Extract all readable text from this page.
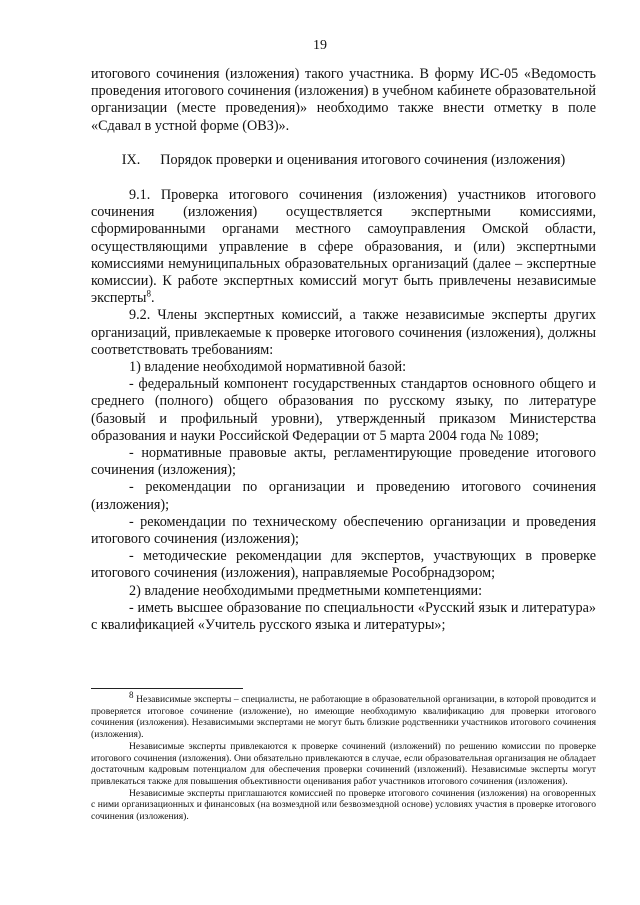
19

итогового сочинения (изложения) такого участника. В форму ИС-05 «Ведомость проведения итогового сочинения (изложения) в учебном кабинете образовательной организации (месте проведения)» необходимо также внести отметку в поле «Сдавал в устной форме (ОВЗ)».

IX. Порядок проверки и оценивания итогового сочинения (изложения)

9.1. Проверка итогового сочинения (изложения) участников итогового сочинения (изложения) осуществляется экспертными комиссиями, сформированными органами местного самоуправления Омской области, осуществляющими управление в сфере образования, и (или) экспертными комиссиями немуниципальных образовательных организаций (далее – экспертные комиссии). К работе экспертных комиссий могут быть привлечены независимые эксперты$^8$.

9.2. Члены экспертных комиссий, а также независимые эксперты других организаций, привлекаемые к проверке итогового сочинения (изложения), должны соответствовать требованиям:

1) владение необходимой нормативной базой:

- федеральный компонент государственных стандартов основного общего и среднего (полного) общего образования по русскому языку, по литературе (базовый и профильный уровни), утвержденный приказом Министерства образования и науки Российской Федерации от 5 марта 2004 года № 1089;

- нормативные правовые акты, регламентирующие проведение итогового сочинения (изложения);

- рекомендации по организации и проведению итогового сочинения (изложения);

- рекомендации по техническому обеспечению организации и проведения итогового сочинения (изложения);

- методические рекомендации для экспертов, участвующих в проверке итогового сочинения (изложения), направляемые Рособрнадзором;

2) владение необходимыми предметными компетенциями:

- иметь высшее образование по специальности «Русский язык и литература» с квалификацией «Учитель русского языка и литературы»;

$^8$ Независимые эксперты – специалисты, не работающие в образовательной организации, в которой проводится и проверяется итоговое сочинение (изложение), но имеющие необходимую квалификацию для проверки итогового сочинения (изложения). Независимыми экспертами не могут быть близкие родственники участников итогового сочинения (изложения).

Независимые эксперты привлекаются к проверке сочинений (изложений) по решению комиссии по проверке итогового сочинения (изложения). Они обязательно привлекаются в случае, если образовательная организация не обладает достаточным кадровым потенциалом для обеспечения проверки сочинений (изложений). Независимые эксперты могут привлекаться также для повышения объективности оценивания работ участников итогового сочинения (изложения).

Независимые эксперты приглашаются комиссией по проверке итогового сочинения (изложения) на оговоренных с ними организационных и финансовых (на возмездной или безвозмездной основе) условиях участия в проверке итогового сочинения (изложения).
